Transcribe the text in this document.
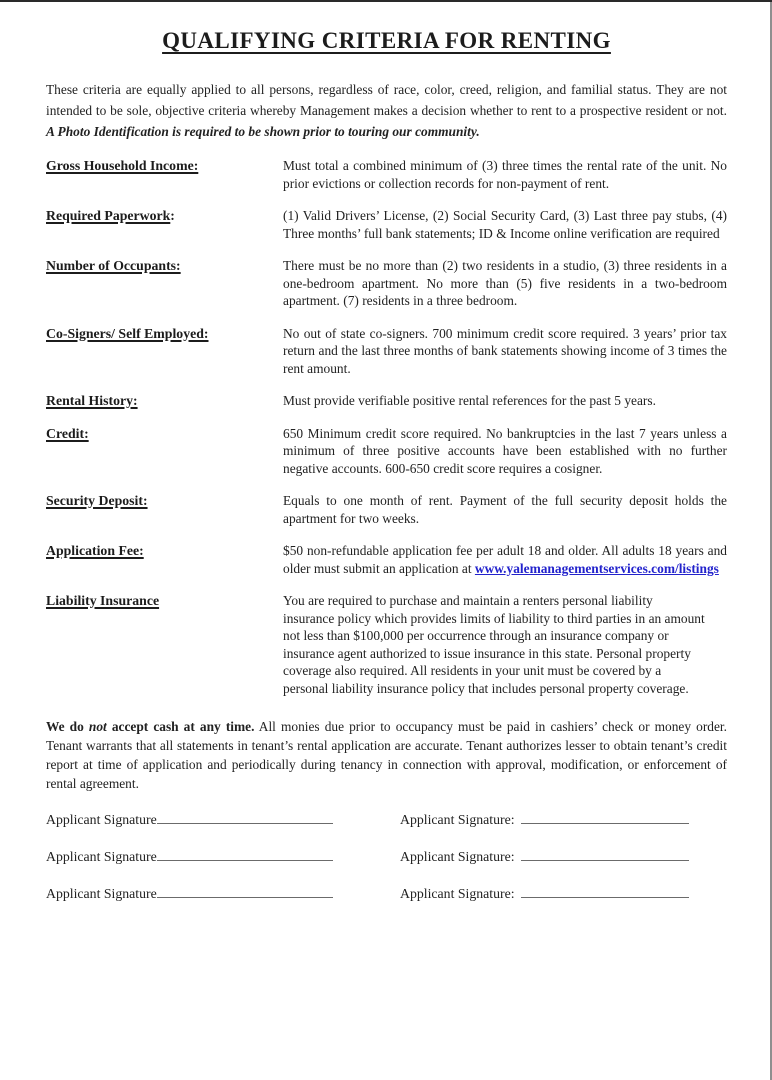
QUALIFYING CRITERIA FOR RENTING

These criteria are equally applied to all persons, regardless of race, color, creed, religion, and familial status. They are not intended to be sole, objective criteria whereby Management makes a decision whether to rent to a prospective resident or not. A Photo Identification is required to be shown prior to touring our community.

Gross Household Income:	Must total a combined minimum of (3) three times the rental rate of the unit. No prior evictions or collection records for non-payment of rent.

Required Paperwork:	(1) Valid Drivers’ License, (2) Social Security Card, (3) Last three pay stubs, (4) Three months’ full bank statements; ID & Income online verification are required

Number of Occupants:	There must be no more than (2) two residents in a studio, (3) three residents in a one-bedroom apartment. No more than (5) five residents in a two-bedroom apartment. (7) residents in a three bedroom.

Co-Signers/ Self Employed:	No out of state co-signers. 700 minimum credit score required. 3 years’ prior tax return and the last three months of bank statements showing income of 3 times the rent amount.

Rental History:	Must provide verifiable positive rental references for the past 5 years.

Credit:	650 Minimum credit score required. No bankruptcies in the last 7 years unless a minimum of three positive accounts have been established with no further negative accounts. 600-650 credit score requires a cosigner.

Security Deposit:	Equals to one month of rent. Payment of the full security deposit holds the apartment for two weeks.

Application Fee:	$50 non-refundable application fee per adult 18 and older. All adults 18 years and older must submit an application at www.yalemanagementservices.com/listings

Liability Insurance	You are required to purchase and maintain a renters personal liability insurance policy which provides limits of liability to third parties in an amount not less than $100,000 per occurrence through an insurance company or insurance agent authorized to issue insurance in this state. Personal property coverage also required. All residents in your unit must be covered by a personal liability insurance policy that includes personal property coverage.

We do not accept cash at any time. All monies due prior to occupancy must be paid in cashiers’ check or money order. Tenant warrants that all statements in tenant’s rental application are accurate. Tenant authorizes lesser to obtain tenant’s credit report at time of application and periodically during tenancy in connection with approval, modification, or enforcement of rental agreement.

Applicant Signature	Applicant Signature:
Applicant Signature	Applicant Signature:
Applicant Signature	Applicant Signature:
